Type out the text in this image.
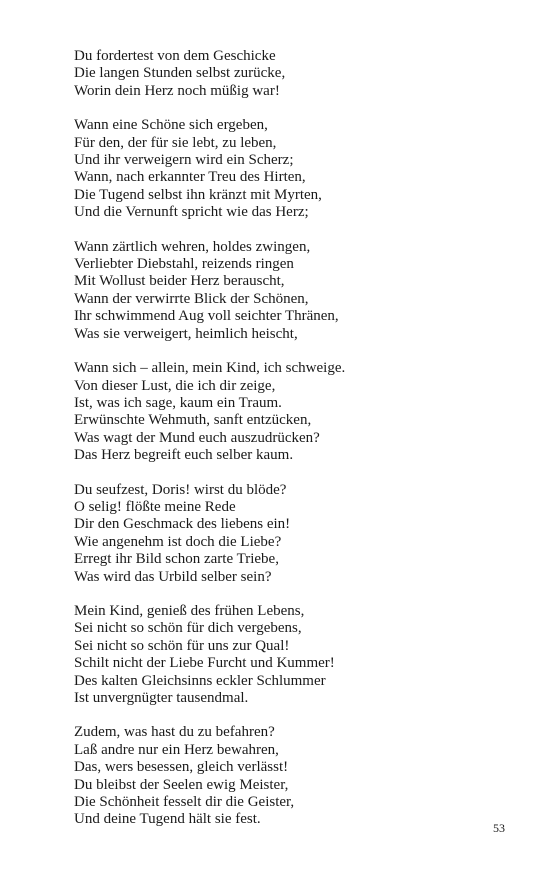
Du fordertest von dem Geschicke
Die langen Stunden selbst zurücke,
Worin dein Herz noch müßig war!
Wann eine Schöne sich ergeben,
Für den, der für sie lebt, zu leben,
Und ihr verweigern wird ein Scherz;
Wann, nach erkannter Treu des Hirten,
Die Tugend selbst ihn kränzt mit Myrten,
Und die Vernunft spricht wie das Herz;
Wann zärtlich wehren, holdes zwingen,
Verliebter Diebstahl, reizends ringen
Mit Wollust beider Herz berauscht,
Wann der verwirrte Blick der Schönen,
Ihr schwimmend Aug voll seichter Thränen,
Was sie verweigert, heimlich heischt,
Wann sich – allein, mein Kind, ich schweige.
Von dieser Lust, die ich dir zeige,
Ist, was ich sage, kaum ein Traum.
Erwünschte Wehmuth, sanft entzücken,
Was wagt der Mund euch auszudrücken?
Das Herz begreift euch selber kaum.
Du seufzest, Doris! wirst du blöde?
O selig! flößte meine Rede
Dir den Geschmack des liebens ein!
Wie angenehm ist doch die Liebe?
Erregt ihr Bild schon zarte Triebe,
Was wird das Urbild selber sein?
Mein Kind, genieß des frühen Lebens,
Sei nicht so schön für dich vergebens,
Sei nicht so schön für uns zur Qual!
Schilt nicht der Liebe Furcht und Kummer!
Des kalten Gleichsinns eckler Schlummer
Ist unvergnügter tausendmal.
Zudem, was hast du zu befahren?
Laß andre nur ein Herz bewahren,
Das, wers besessen, gleich verlässt!
Du bleibst der Seelen ewig Meister,
Die Schönheit fesselt dir die Geister,
Und deine Tugend hält sie fest.
53
